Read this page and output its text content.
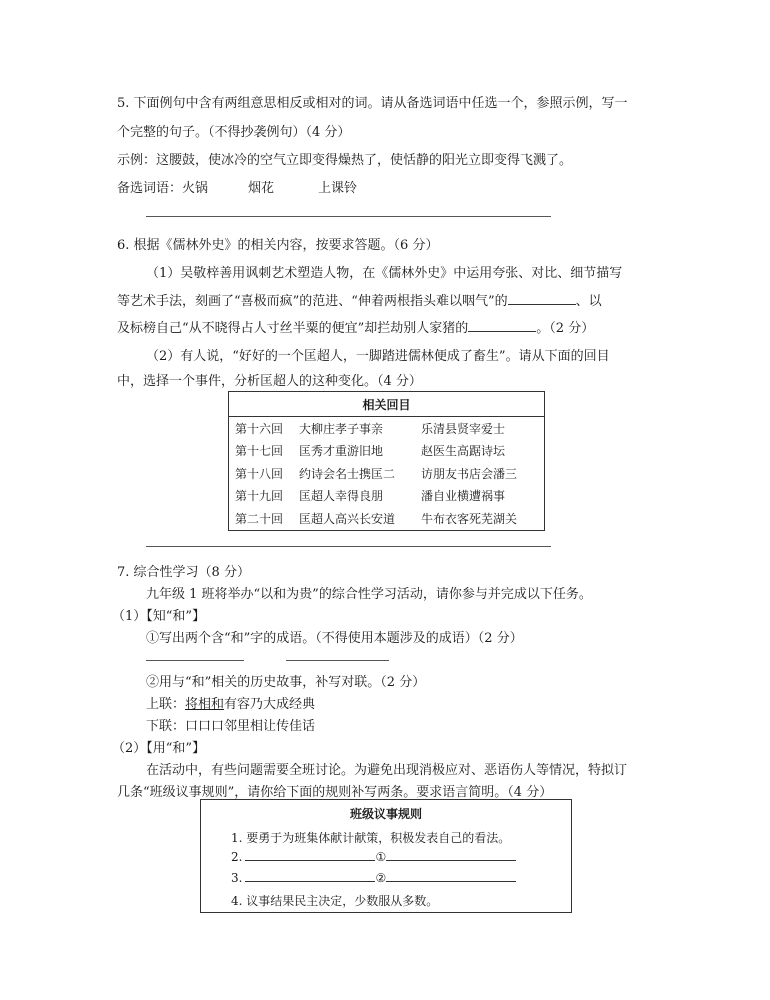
5. 下面例句中含有两组意思相反或相对的词。请从备选词语中任选一个，参照示例，写一
个完整的句子。（不得抄袭例句）（4 分）
示例：这腰鼓，使冰冷的空气立即变得燥热了，使恬静的阳光立即变得飞溅了。
备选词语：火锅	烟花	上课铃
6. 根据《儒林外史》的相关内容，按要求答题。（6 分）
（1）吴敬梓善用讽刺艺术塑造人物，在《儒林外史》中运用夸张、对比、细节描写
等艺术手法，刻画了“喜极而疯”的范进、“伸着两根指头难以咽气”的	、以
及标榜自己“从不晓得占人寸丝半粟的便宜”却拦劫别人家猪的	。（2 分）
（2）有人说，“好好的一个匡超人，一脚踏进儒林便成了畜生”。请从下面的回目
中，选择一个事件，分析匡超人的这种变化。（4 分）
相关回目		
第十六回	大柳庄孝子事亲	乐清县贤宰爱士
第十七回	匡秀才重游旧地	赵医生高踞诗坛
第十八回	约诗会名士携匡二	访朋友书店会潘三
第十九回	匡超人幸得良朋	潘自业横遭祸事
第二十回	匡超人高兴长安道	牛布衣客死芜湖关
7. 综合性学习（8 分）
九年级 1 班将举办“以和为贵”的综合性学习活动，请你参与并完成以下任务。
（1）【知“和”】
①写出两个含“和”字的成语。（不得使用本题涉及的成语）（2 分）
②用与“和”相关的历史故事，补写对联。（2 分）
上联：将相和有容乃大成经典
下联：口口口邻里相让传佳话
（2）【用“和”】
在活动中，有些问题需要全班讨论。为避免出现消极应对、恶语伤人等情况，特拟订
几条“班级议事规则”，请你给下面的规则补写两条。要求语言简明。（4 分）
班级议事规则
1. 要勇于为班集体献计献策，积极发表自己的看法。
2.	①
3.	②
4. 议事结果民主决定，少数服从多数。
